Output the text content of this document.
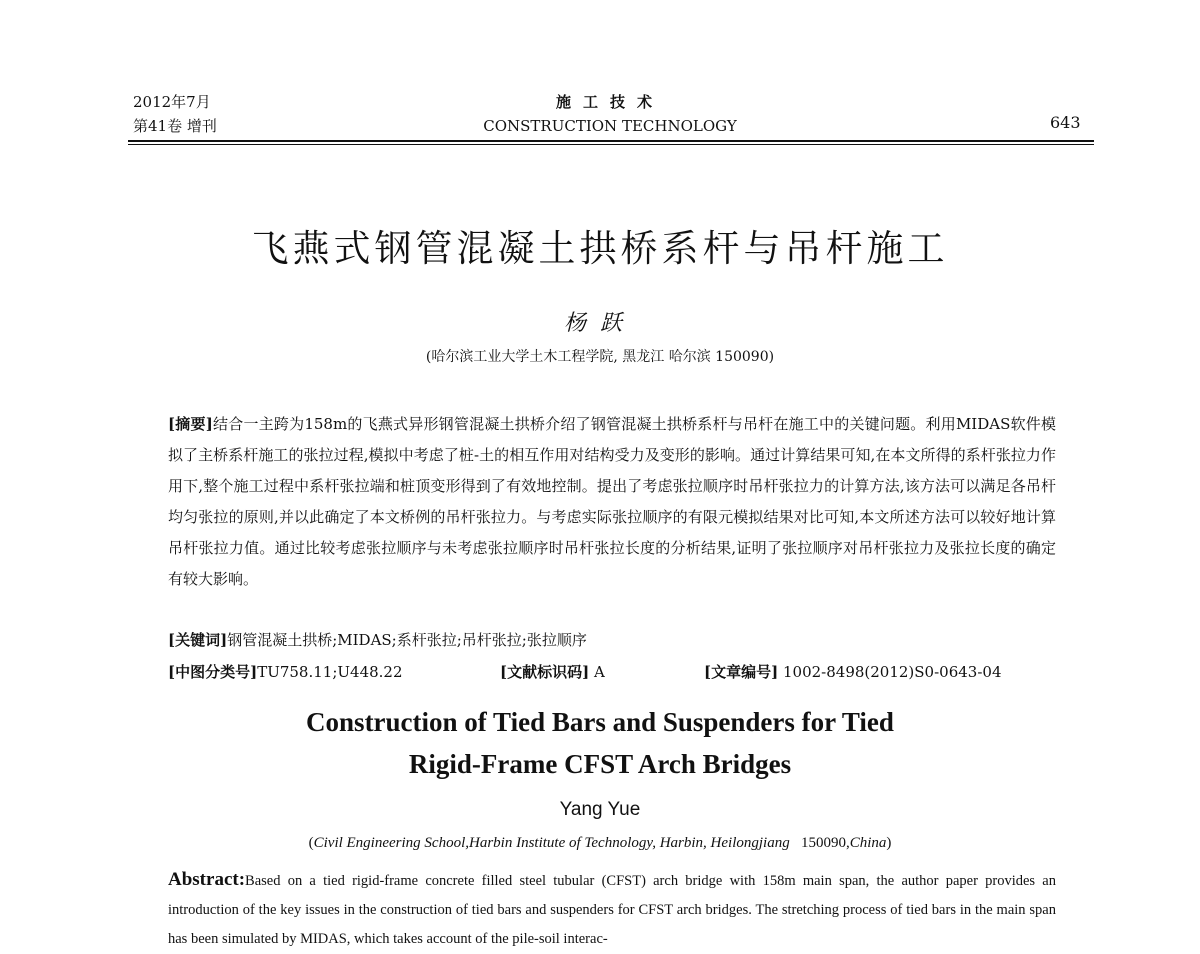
2012年7月
第41卷 增刊
施工技术
CONSTRUCTION TECHNOLOGY	643
飞燕式钢管混凝土拱桥系杆与吊杆施工
杨跃
(哈尔滨工业大学土木工程学院, 黑龙江 哈尔滨 150090)
[摘要]结合一主跨为158m的飞燕式异形钢管混凝土拱桥介绍了钢管混凝土拱桥系杆与吊杆在施工中的关键问题。利用MIDAS软件模拟了主桥系杆施工的张拉过程,模拟中考虑了桩-土的相互作用对结构受力及变形的影响。通过计算结果可知,在本文所得的系杆张拉力作用下,整个施工过程中系杆张拉端和桩顶变形得到了有效地控制。提出了考虑张拉顺序时吊杆张拉力的计算方法,该方法可以满足各吊杆均匀张拉的原则,并以此确定了本文桥例的吊杆张拉力。与考虑实际张拉顺序的有限元模拟结果对比可知,本文所述方法可以较好地计算吊杆张拉力值。通过比较考虑张拉顺序与未考虑张拉顺序时吊杆张拉长度的分析结果,证明了张拉顺序对吊杆张拉力及张拉长度的确定有较大影响。
[关键词]钢管混凝土拱桥;MIDAS;系杆张拉;吊杆张拉;张拉顺序
[中图分类号]TU758.11;U448.22	[文献标识码] A	[文章编号] 1002-8498(2012)S0-0643-04
Construction of Tied Bars and Suspenders for Tied
Rigid-Frame CFST Arch Bridges
Yang Yue
(Civil Engineering School,Harbin Institute of Technology, Harbin, Heilongjiang 150090,China)
Abstract:Based on a tied rigid-frame concrete filled steel tubular (CFST) arch bridge with 158m main span, the author paper provides an introduction of the key issues in the construction of tied bars and suspenders for CFST arch bridges. The stretching process of tied bars in the main span has been simulated by MIDAS, which takes account of the pile-soil interac-
